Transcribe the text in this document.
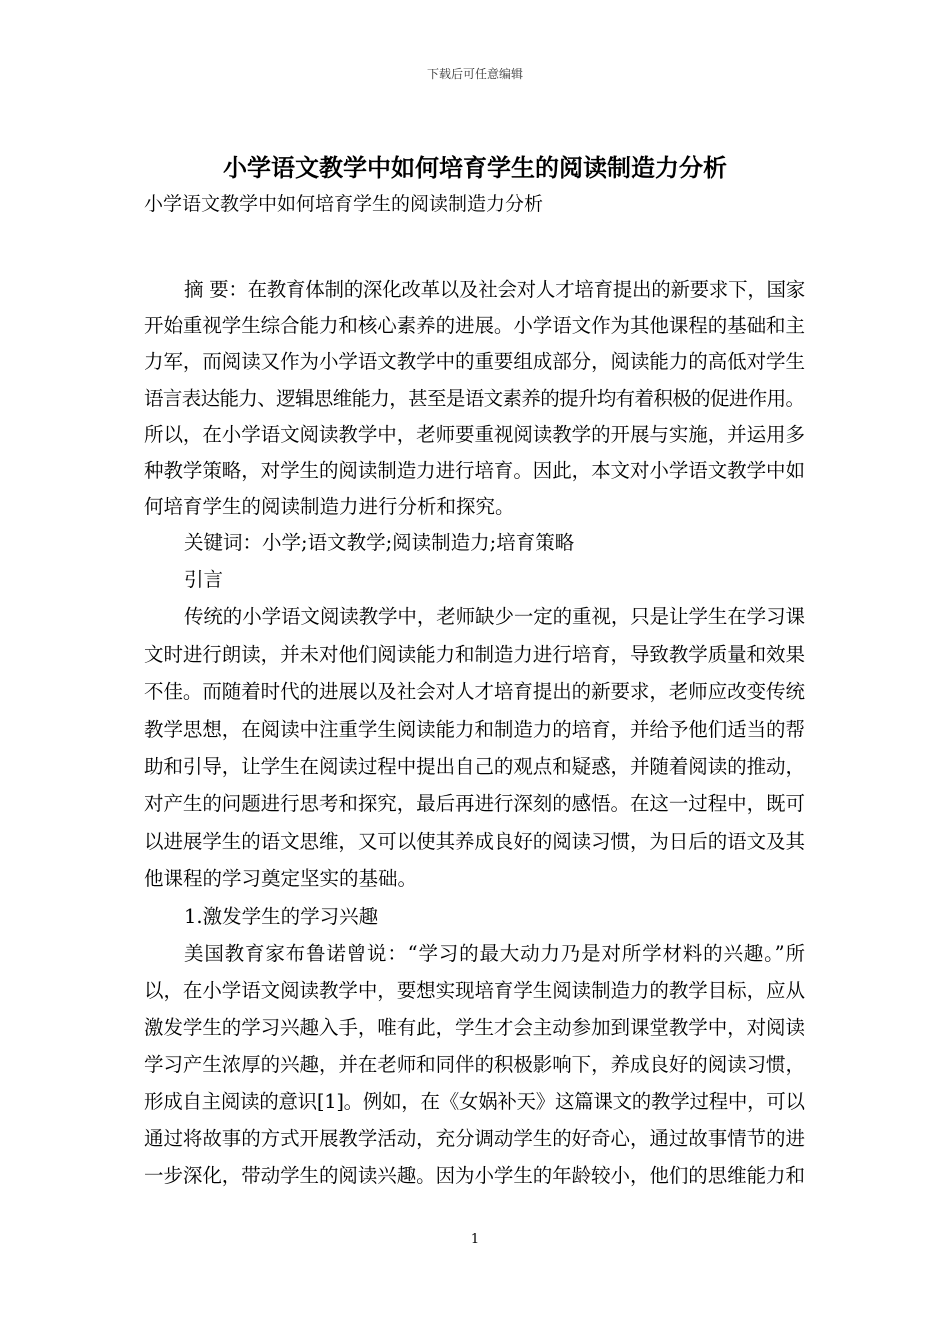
下载后可任意编辑
小学语文教学中如何培育学生的阅读制造力分析
小学语文教学中如何培育学生的阅读制造力分析
摘 要：在教育体制的深化改革以及社会对人才培育提出的新要求下，国家
开始重视学生综合能力和核心素养的进展。小学语文作为其他课程的基础和主
力军，而阅读又作为小学语文教学中的重要组成部分，阅读能力的高低对学生
语言表达能力、逻辑思维能力，甚至是语文素养的提升均有着积极的促进作用。
所以，在小学语文阅读教学中，老师要重视阅读教学的开展与实施，并运用多
种教学策略，对学生的阅读制造力进行培育。因此，本文对小学语文教学中如
何培育学生的阅读制造力进行分析和探究。
关键词：小学;语文教学;阅读制造力;培育策略
引言
传统的小学语文阅读教学中，老师缺少一定的重视，只是让学生在学习课
文时进行朗读，并未对他们阅读能力和制造力进行培育，导致教学质量和效果
不佳。而随着时代的进展以及社会对人才培育提出的新要求，老师应改变传统
教学思想，在阅读中注重学生阅读能力和制造力的培育，并给予他们适当的帮
助和引导，让学生在阅读过程中提出自己的观点和疑惑，并随着阅读的推动，
对产生的问题进行思考和探究，最后再进行深刻的感悟。在这一过程中，既可
以进展学生的语文思维，又可以使其养成良好的阅读习惯，为日后的语文及其
他课程的学习奠定坚实的基础。
1.激发学生的学习兴趣
美国教育家布鲁诺曾说：“学习的最大动力乃是对所学材料的兴趣。”所
以，在小学语文阅读教学中，要想实现培育学生阅读制造力的教学目标，应从
激发学生的学习兴趣入手，唯有此，学生才会主动参加到课堂教学中，对阅读
学习产生浓厚的兴趣，并在老师和同伴的积极影响下，养成良好的阅读习惯，
形成自主阅读的意识[1]。例如，在《女娲补天》这篇课文的教学过程中，可以
通过将故事的方式开展教学活动，充分调动学生的好奇心，通过故事情节的进
一步深化，带动学生的阅读兴趣。因为小学生的年龄较小，他们的思维能力和
1
